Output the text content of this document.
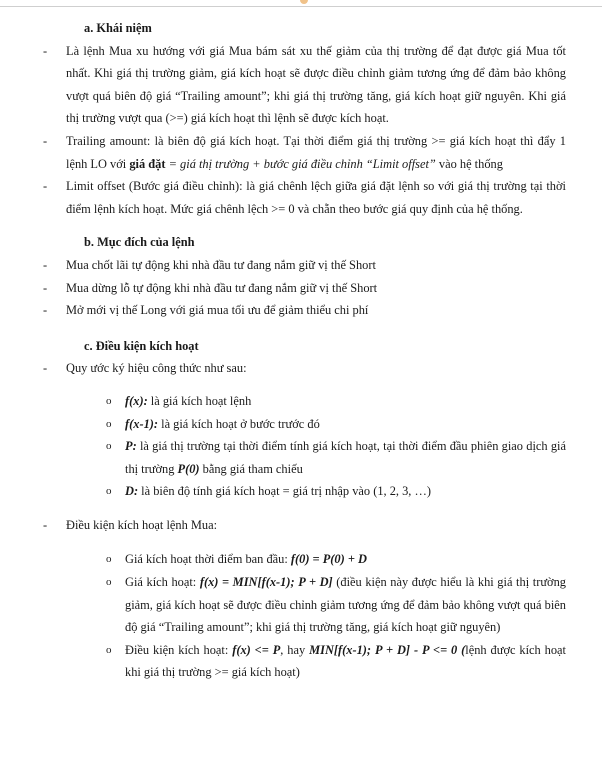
a. Khái niệm
- Là lệnh Mua xu hướng với giá Mua bám sát xu thế giảm của thị trường để đạt được giá Mua tốt nhất. Khi giá thị trường giảm, giá kích hoạt sẽ được điều chỉnh giảm tương ứng để đảm bảo không vượt quá biên độ giá “Trailing amount”; khi giá thị trường tăng, giá kích hoạt giữ nguyên. Khi giá thị trường vượt qua (>=) giá kích hoạt thì lệnh sẽ được kích hoạt.
- Trailing amount: là biên độ giá kích hoạt. Tại thời điểm giá thị trường >= giá kích hoạt thì đẩy 1 lệnh LO với giá đặt = giá thị trường + bước giá điều chỉnh “Limit offset” vào hệ thống
- Limit offset (Bước giá điều chỉnh): là giá chênh lệch giữa giá đặt lệnh so với giá thị trường tại thời điểm lệnh kích hoạt. Mức giá chênh lệch >= 0 và chẵn theo bước giá quy định của hệ thống.
b. Mục đích của lệnh
- Mua chốt lãi tự động khi nhà đầu tư đang nắm giữ vị thế Short
- Mua dừng lỗ tự động khi nhà đầu tư đang nắm giữ vị thế Short
- Mở mới vị thế Long với giá mua tối ưu để giảm thiểu chi phí
c. Điều kiện kích hoạt
- Quy ước ký hiệu công thức như sau:
o f(x): là giá kích hoạt lệnh
o f(x-1): là giá kích hoạt ở bước trước đó
o P: là giá thị trường tại thời điểm tính giá kích hoạt, tại thời điểm đầu phiên giao dịch giá thị trường P(0) bằng giá tham chiếu
o D: là biên độ tính giá kích hoạt = giá trị nhập vào (1, 2, 3, …)
- Điều kiện kích hoạt lệnh Mua:
o Giá kích hoạt thời điểm ban đầu: f(0) = P(0) + D
o Giá kích hoạt: f(x) = MIN[f(x-1); P + D] (điều kiện này được hiểu là khi giá thị trường giảm, giá kích hoạt sẽ được điều chỉnh giảm tương ứng để đảm bảo không vượt quá biên độ giá “Trailing amount”; khi giá thị trường tăng, giá kích hoạt giữ nguyên)
o Điều kiện kích hoạt: f(x) <= P, hay MIN[f(x-1); P + D] - P <= 0 (lệnh được kích hoạt khi giá thị trường >= giá kích hoạt)
